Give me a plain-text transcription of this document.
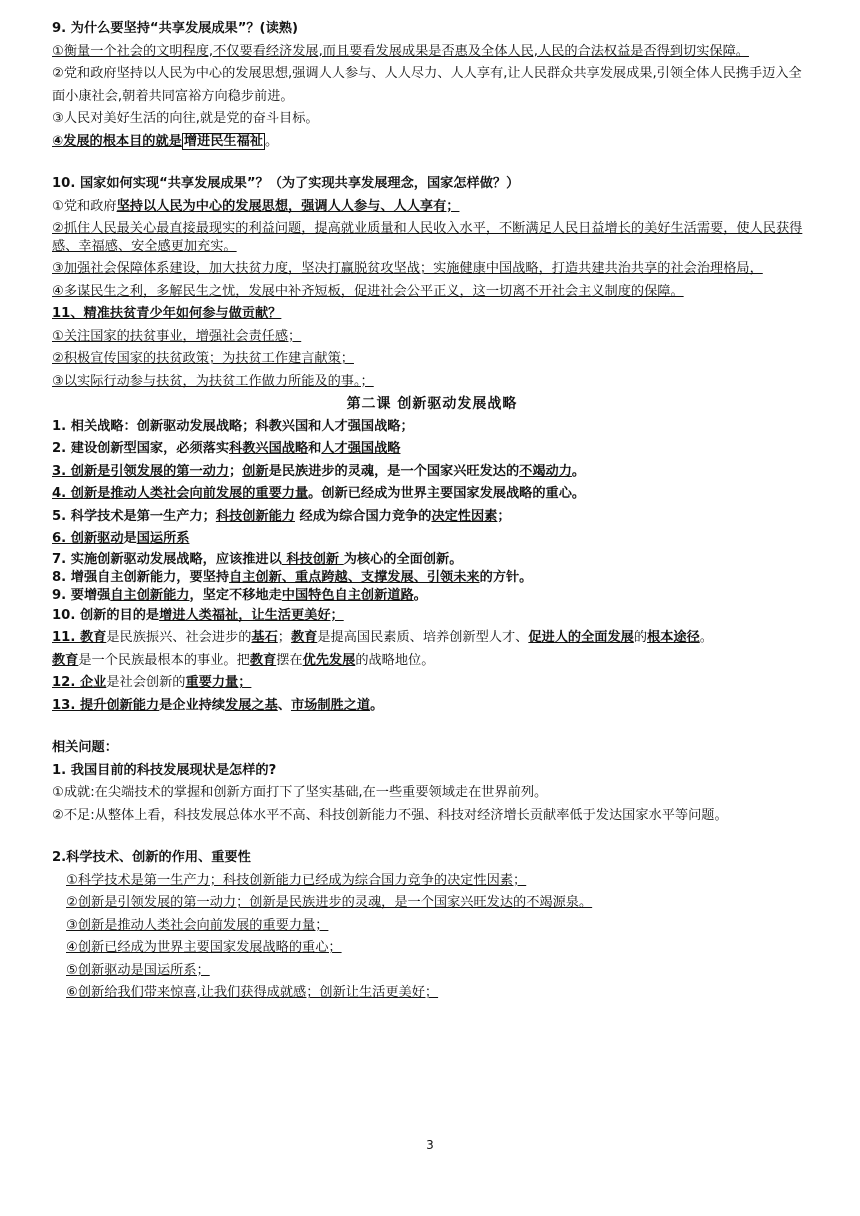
9. 为什么要坚持“共享发展成果”？(读熟)

①衡量一个社会的文明程度,不仅要看经济发展,而且要看发展成果是否惠及全体人民,人民的合法权益是否得到切实保障。

②党和政府坚持以人民为中心的发展思想,强调人人参与、人人尽力、人人享有,让人民群众共享发展成果,引领全体人民携手迈入全面小康社会,朝着共同富裕方向稳步前进。

③人民对美好生活的向往,就是党的奋斗目标。

④发展的根本目的就是 增进民生福祉 。

10. 国家如何实现“共享发展成果”？（为了实现共享发展理念，国家怎样做？）

①党和政府坚持以人民为中心的发展思想，强调人人参与、人人享有；

②抓住人民最关心最直接最现实的利益问题，提高就业质量和人民收入水平，不断满足人民日益增长的美好生活需要，使人民获得感、幸福感、安全感更加充实。

③加强社会保障体系建设，加大扶贫力度，坚决打赢脱贫攻坚战；实施健康中国战略，打造共建共治共享的社会治理格局，

④多谋民生之利，多解民生之忧，发展中补齐短板，促进社会公平正义，这一切离不开社会主义制度的保障。

11、精准扶贫青少年如何参与做贡献？

①关注国家的扶贫事业，增强社会责任感；

②积极宣传国家的扶贫政策；为扶贫工作建言献策；

③以实际行动参与扶贫，为扶贫工作做力所能及的事。；

第二课 创新驱动发展战略

1. 相关战略：创新驱动发展战略；科教兴国和人才强国战略；

2. 建设创新型国家，必须落实科教兴国战略和人才强国战略

3. 创新是引领发展的第一动力；创新是民族进步的灵魂，是一个国家兴旺发达的不竭动力。

4. 创新是推动人类社会向前发展的重要力量。创新已经成为世界主要国家发展战略的重心。

5. 科学技术是第一生产力；科技创新能力 经成为综合国力竞争的决定性因素；

6. 创新驱动是国运所系

7. 实施创新驱动发展战略，应该推进以 科技创新 为核心的全面创新。

8. 增强自主创新能力，要坚持自主创新、重点跨越、支撑发展、引领未来的方针。

9. 要增强自主创新能力，坚定不移地走中国特色自主创新道路。

10. 创新的目的是增进人类福祉，让生活更美好；

11. 教育是民族振兴、社会进步的基石；教育是提高国民素质、培养创新型人才、促进人的全面发展的根本途径。

教育是一个民族最根本的事业。把教育摆在优先发展的战略地位。

12. 企业是社会创新的重要力量；

13. 提升创新能力是企业持续发展之基、市场制胜之道。

相关问题：

1. 我国目前的科技发展现状是怎样的?

①成就:在尖端技术的掌握和创新方面打下了坚实基础,在一些重要领域走在世界前列。

②不足:从整体上看，科技发展总体水平不高、科技创新能力不强、科技对经济增长贡献率低于发达国家水平等问题。

2.科学技术、创新的作用、重要性

①科学技术是第一生产力；科技创新能力已经成为综合国力竞争的决定性因素；

②创新是引领发展的第一动力；创新是民族进步的灵魂，是一个国家兴旺发达的不竭源泉。

③创新是推动人类社会向前发展的重要力量；

④创新已经成为世界主要国家发展战略的重心；

⑤创新驱动是国运所系；

⑥创新给我们带来惊喜,让我们获得成就感；创新让生活更美好；

3
